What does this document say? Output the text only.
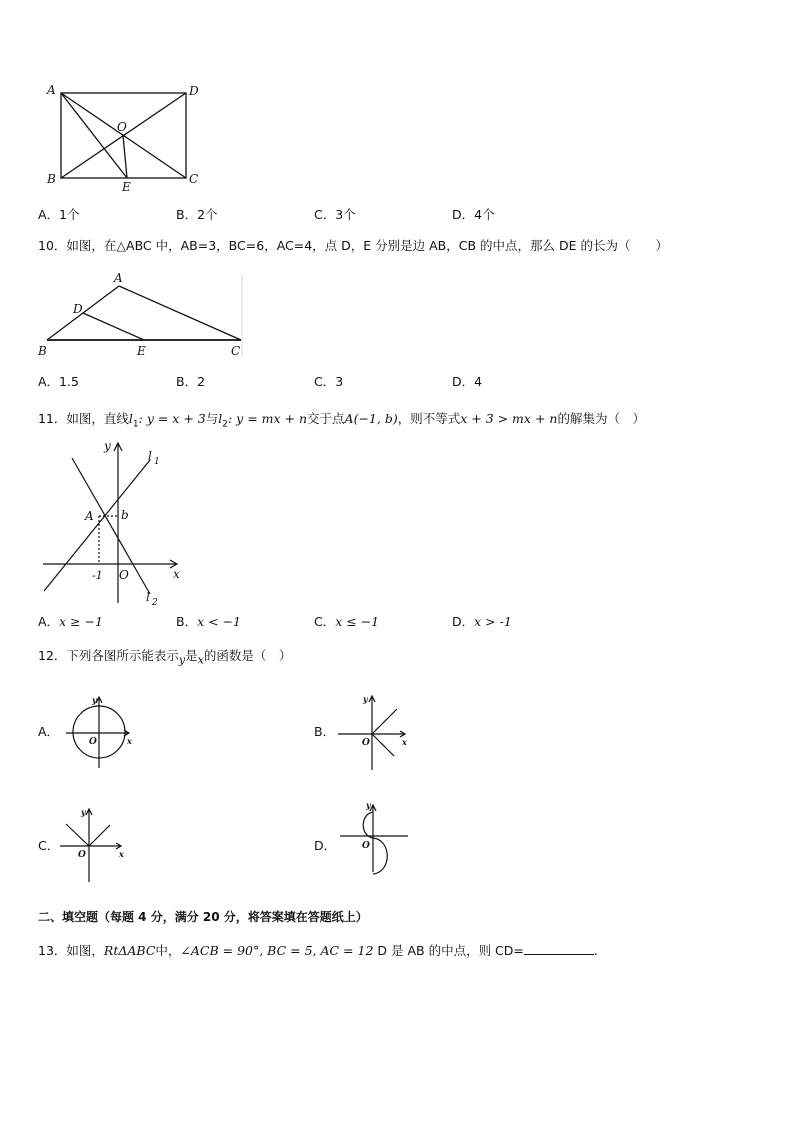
A	D
O
B	C
E
A．1个	B．2个	C．3个	D．4个
10．如图，在△ABC 中，AB=3，BC=6，AC=4，点 D，E 分别是边 AB，CB 的中点，那么 DE 的长为（　　）
A
D
B	E	C
A．1.5	B．2	C．3	D．4
11．如图，直线$l_1$: y = x + 3与$l_2$: y = mx + n交于点A(−1, b)，则不等式x + 3 > mx + n的解集为（　）
y
l 1
A b
-1 O	x
l 2
A．x ≥ −1	B．x < −1	C．x ≤ −1	D．x > -1
12．下列各图所示能表示$_y$是$_x$的函数是（　）
A．	B．
C．	D．
y
O	x
y
O	x
y
O	x
y
O
二、填空题（每题 4 分，满分 20 分，将答案填在答题纸上）
13．如图，RtΔABC中，∠ACB = 90°, BC = 5, AC = 12 D 是 AB 的中点，则 CD=	.
